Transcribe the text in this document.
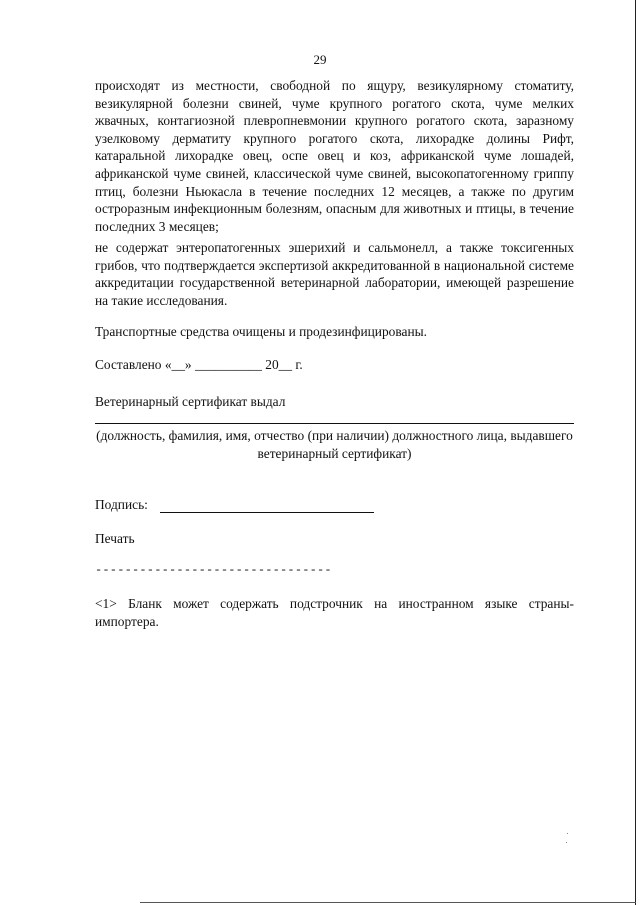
29
происходят из местности, свободной по ящуру, везикулярному стоматиту, везикулярной болезни свиней, чуме крупного рогатого скота, чуме мелких жвачных, контагиозной плевропневмонии крупного рогатого скота, заразному узелковому дерматиту крупного рогатого скота, лихорадке долины Рифт, катаральной лихорадке овец, оспе овец и коз, африканской чуме лошадей, африканской чуме свиней, классической чуме свиней, высокопатогенному гриппу птиц, болезни Ньюкасла в течение последних 12 месяцев, а также по другим остроразным инфекционным болезням, опасным для животных и птицы, в течение последних 3 месяцев;
не содержат энтеропатогенных эшерихий и сальмонелл, а также токсигенных грибов, что подтверждается экспертизой аккредитованной в национальной системе аккредитации государственной ветеринарной лаборатории, имеющей разрешение на такие исследования.
Транспортные средства очищены и продезинфицированы.
Составлено «__» __________ 20__ г.
Ветеринарный сертификат выдал
(должность, фамилия, имя, отчество (при наличии) должностного лица, выдавшего ветеринарный сертификат)
Подпись:
Печать
--------------------------------
<1> Бланк может содержать подстрочник на иностранном языке страны-импортера.
